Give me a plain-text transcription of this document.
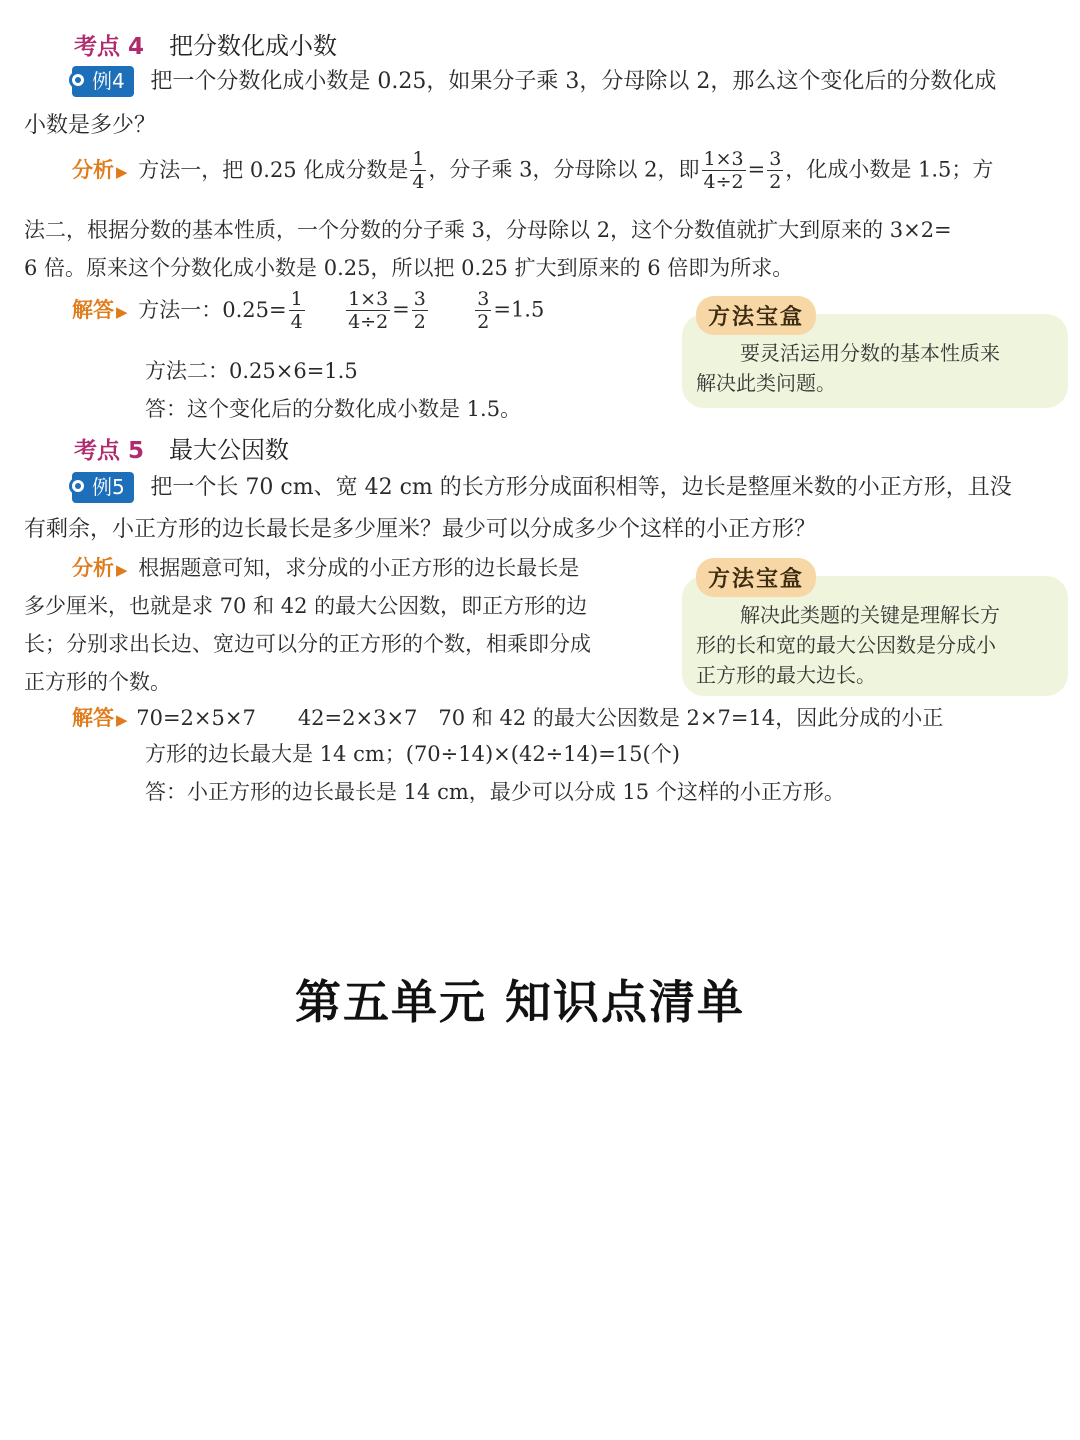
考点 4 把分数化成小数
例4 把一个分数化成小数是 0.25，如果分子乘 3，分母除以 2，那么这个变化后的分数化成
小数是多少？
分析 ▶ 方法一，把 0.25 化成分数是 $\frac{1}{4}$ ，分子乘 3，分母除以 2，即 $\frac{1\times 3}{4\div 2} = \frac{3}{2}$ ，化成小数是 1.5；方
法二，根据分数的基本性质，一个分数的分子乘 3，分母除以 2，这个分数值就扩大到原来的 3×2=
6 倍。原来这个分数化成小数是 0.25，所以把 0.25 扩大到原来的 6 倍即为所求。
解答 ▶ 方法一：$0.25= \frac{1}{4}$
$\frac{1\times 3}{4\div 2} = \frac{3}{2}$
$\frac{3}{2} =1.5$
方法二：0.25×6=1.5
答：这个变化后的分数化成小数是 1.5。
要灵活运用分数的基本性质来
解决此类问题。
方法宝盒
考点 5 最大公因数
例5 把一个长 70 cm、宽 42 cm 的长方形分成面积相等，边长是整厘米数的小正方形，且没
有剩余，小正方形的边长最长是多少厘米？最少可以分成多少个这样的小正方形？
分析 ▶ 根据题意可知，求分成的小正方形的边长最长是
多少厘米，也就是求 70 和 42 的最大公因数，即正方形的边
长；分别求出长边、宽边可以分的正方形的个数，相乘即分成
正方形的个数。
解决此类题的关键是理解长方
形的长和宽的最大公因数是分成小
正方形的最大边长。
方法宝盒
解答 ▶ 70=2×5×7　　42=2×3×7　70 和 42 的最大公因数是 2×7=14，因此分成的小正
方形的边长最大是 14 cm；(70÷14)×(42÷14)=15(个)
答：小正方形的边长最长是 14 cm，最少可以分成 15 个这样的小正方形。
第五单元 知识点清单
